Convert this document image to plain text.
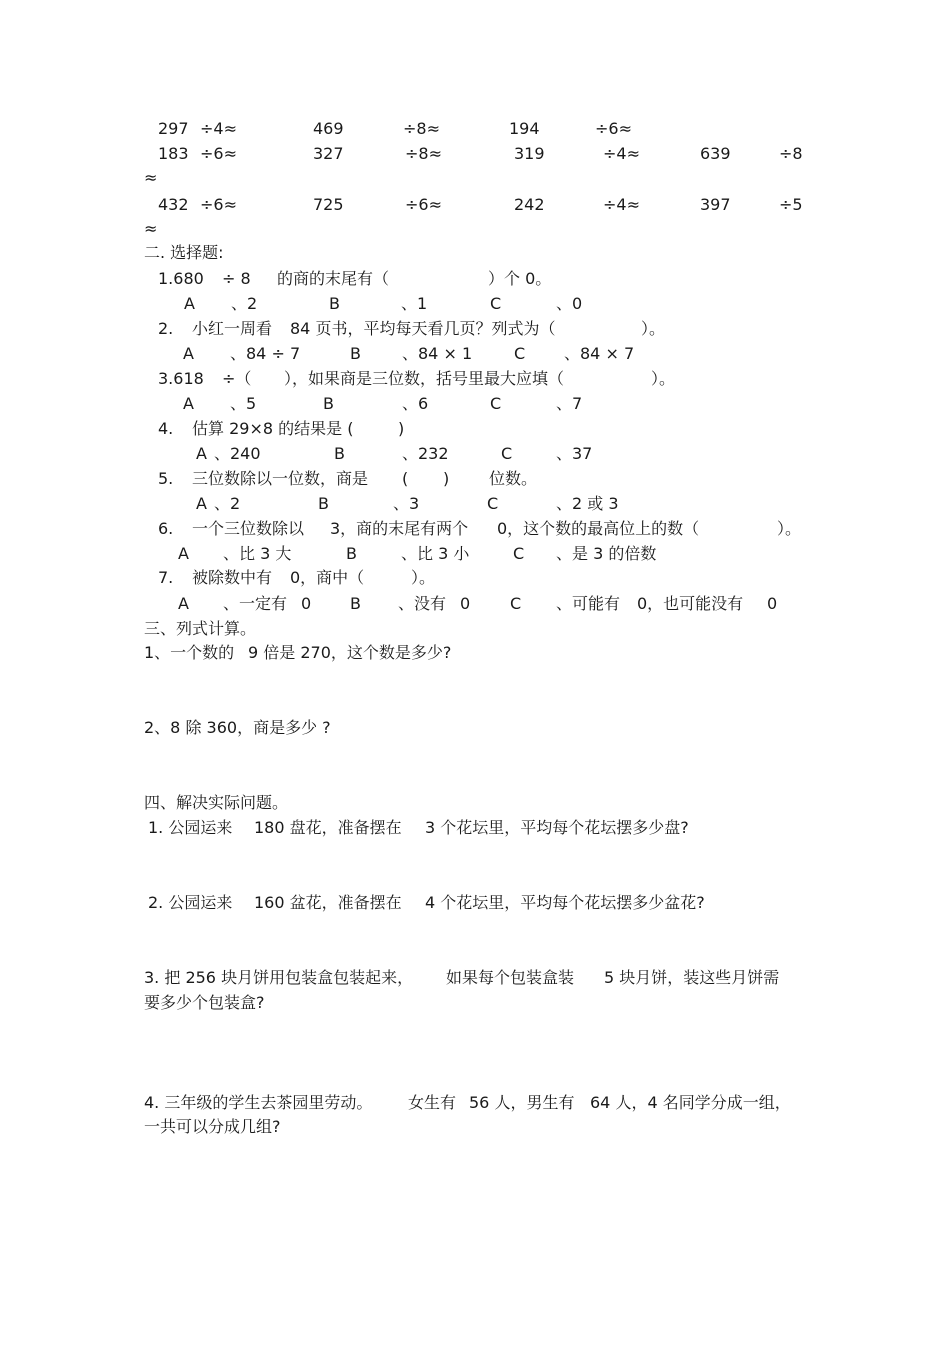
297 ÷4≈	469	÷8≈	194	÷6≈
183 ÷6≈	327	÷8≈	319	÷4≈	639	÷8
≈
432 ÷6≈	725	÷6≈	242	÷4≈	397	÷5
≈
二. 选择题:
1.680 ÷ 8 的商的末尾有（	）个 0。
A 、2	B	、1	C	、0
2. 小红一周看 84 页书，平均每天看几页？列式为（	）。
A 、84 ÷ 7	B	、84 × 1	C 、84 × 7
3.618 ÷（ ），如果商是三位数，括号里最大应填（	）。
A 、5	B	、6	C	、7
4. 估算 29×8 的结果是 (	)
A 、240	B	、232	C	、37
5. 三位数除以一位数，商是 ( ) 位数。
A 、2	B	、3	C	、2 或 3
6. 一个三位数除以 3，商的末尾有两个 0，这个数的最高位上的数（	）。
A 、比 3 大	B	、比 3 小	C 、是 3 的倍数
7. 被除数中有 0，商中（	）。
A 、一定有 0 B 、没有 0 C 、可能有 0，也可能没有 0
三、列式计算。
1、一个数的 9 倍是 270，这个数是多少?
2、8 除 360，商是多少 ?
四、解决实际问题。
1. 公园运来 180 盘花，准备摆在 3 个花坛里，平均每个花坛摆多少盘?
2. 公园运来 160 盆花，准备摆在 4 个花坛里，平均每个花坛摆多少盆花?
3. 把 256 块月饼用包装盒包装起来， 如果每个包装盒装 5 块月饼，装这些月饼需
要多少个包装盒?
4. 三年级的学生去茶园里劳动。 女生有 56 人，男生有 64 人，4 名同学分成一组，
一共可以分成几组?
